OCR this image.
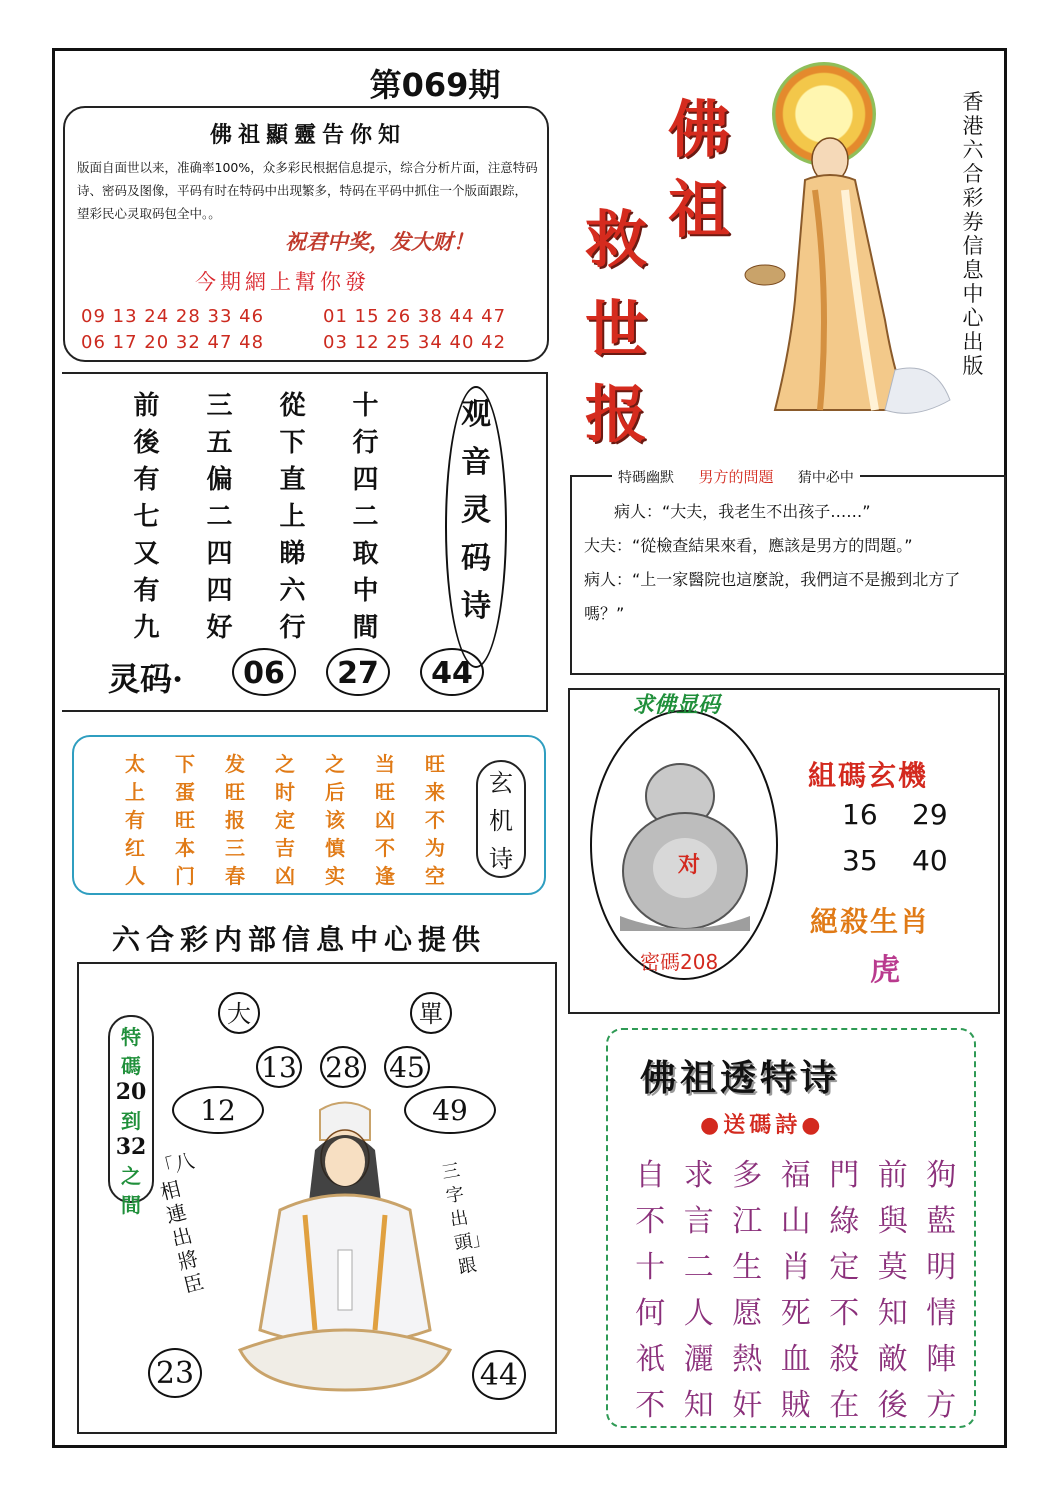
第069期
佛祖顯靈告你知
版面自面世以来，准确率100%，众多彩民根据信息提示，综合分析片面，注意特码诗、密码及图像，平码有时在特码中出现繁多，特码在平码中抓住一个版面跟踪，望彩民心灵取码包全中。。
祝君中奖，发大财！
今期網上幫你發
09 13 24 28 33 46	01 15 26 38 44 47
06 17 20 32 47 48	03 12 25 34 40 42
佛
祖
救
世
报
香港六合彩券信息中心出版
前	三	從	十
後	五	下	行
有	偏	直	四
七	二	上	二
又	四	睇	取
有	四	六	中
九	好	行	間
观
音
灵
码
诗
灵码·	06	27	44
太	下	发	之	之	当	旺
上	蛋	旺	时	后	旺	来
有	旺	报	定	该	凶	不
红	本	三	吉	慎	不	为
人	门	春	凶	实	逢	空
玄
机
诗
六合彩内部信息中心提供
大	單
13 28 45
12	49
23	44
特
碼
20
到
32
之
間
「八相連出將臣
三字出頭」跟
特碼幽默 男方的問題 猜中必中
病人：“大夫，我老生不出孩子……”
大夫：“從檢查結果來看，應該是男方的問題。”
病人：“上一家醫院也這麼說，我們這不是搬到北方了嗎？”
求佛显码
对
密碼208
組碼玄機
16 29
35 40
絕殺生肖
虎
佛祖透特诗
●送碼詩●
自 求 多 福 門 前 狗
不 言 江 山 綠 與 藍
十 二 生 肖 定 莫 明
何 人 愿 死 不 知 情
衹 灑 熱 血 殺 敵 陣
不 知 奸 賊 在 後 方
